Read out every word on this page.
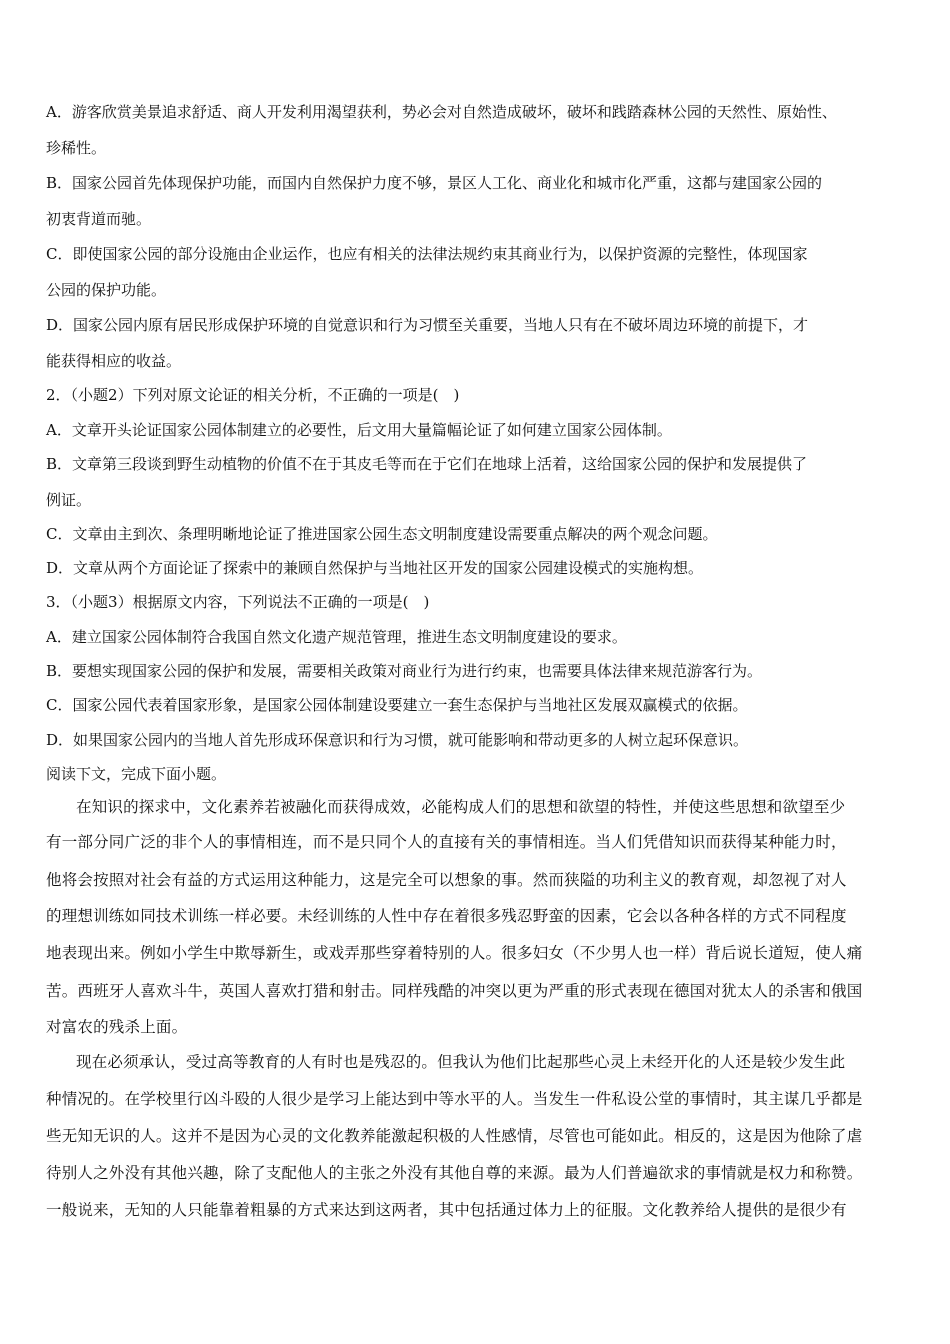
A．游客欣赏美景追求舒适、商人开发利用渴望获利，势必会对自然造成破坏，破坏和践踏森林公园的天然性、原始性、
珍稀性。
B．国家公园首先体现保护功能，而国内自然保护力度不够，景区人工化、商业化和城市化严重，这都与建国家公园的
初衷背道而驰。
C．即使国家公园的部分设施由企业运作，也应有相关的法律法规约束其商业行为，以保护资源的完整性，体现国家
公园的保护功能。
D．国家公园内原有居民形成保护环境的自觉意识和行为习惯至关重要，当地人只有在不破坏周边环境的前提下，才
能获得相应的收益。
2．（小题2）下列对原文论证的相关分析，不正确的一项是(　)
A．文章开头论证国家公园体制建立的必要性，后文用大量篇幅论证了如何建立国家公园体制。
B．文章第三段谈到野生动植物的价值不在于其皮毛等而在于它们在地球上活着，这给国家公园的保护和发展提供了
例证。
C．文章由主到次、条理明晰地论证了推进国家公园生态文明制度建设需要重点解决的两个观念问题。
D．文章从两个方面论证了探索中的兼顾自然保护与当地社区开发的国家公园建设模式的实施构想。
3．（小题3）根据原文内容，下列说法不正确的一项是(　)
A．建立国家公园体制符合我国自然文化遗产规范管理，推进生态文明制度建设的要求。
B．要想实现国家公园的保护和发展，需要相关政策对商业行为进行约束，也需要具体法律来规范游客行为。
C．国家公园代表着国家形象，是国家公园体制建设要建立一套生态保护与当地社区发展双赢模式的依据。
D．如果国家公园内的当地人首先形成环保意识和行为习惯，就可能影响和带动更多的人树立起环保意识。
阅读下文，完成下面小题。
在知识的探求中，文化素养若被融化而获得成效，必能构成人们的思想和欲望的特性，并使这些思想和欲望至少
有一部分同广泛的非个人的事情相连，而不是只同个人的直接有关的事情相连。当人们凭借知识而获得某种能力时，
他将会按照对社会有益的方式运用这种能力，这是完全可以想象的事。然而狭隘的功利主义的教育观，却忽视了对人
的理想训练如同技术训练一样必要。未经训练的人性中存在着很多残忍野蛮的因素，它会以各种各样的方式不同程度
地表现出来。例如小学生中欺辱新生，或戏弄那些穿着特别的人。很多妇女（不少男人也一样）背后说长道短，使人痛
苦。西班牙人喜欢斗牛，英国人喜欢打猎和射击。同样残酷的冲突以更为严重的形式表现在德国对犹太人的杀害和俄国
对富农的残杀上面。
现在必须承认，受过高等教育的人有时也是残忍的。但我认为他们比起那些心灵上未经开化的人还是较少发生此
种情况的。在学校里行凶斗殴的人很少是学习上能达到中等水平的人。当发生一件私设公堂的事情时，其主谋几乎都是
些无知无识的人。这并不是因为心灵的文化教养能激起积极的人性感情，尽管也可能如此。相反的，这是因为他除了虐
待别人之外没有其他兴趣，除了支配他人的主张之外没有其他自尊的来源。最为人们普遍欲求的事情就是权力和称赞。
一般说来，无知的人只能靠着粗暴的方式来达到这两者，其中包括通过体力上的征服。文化教养给人提供的是很少有
